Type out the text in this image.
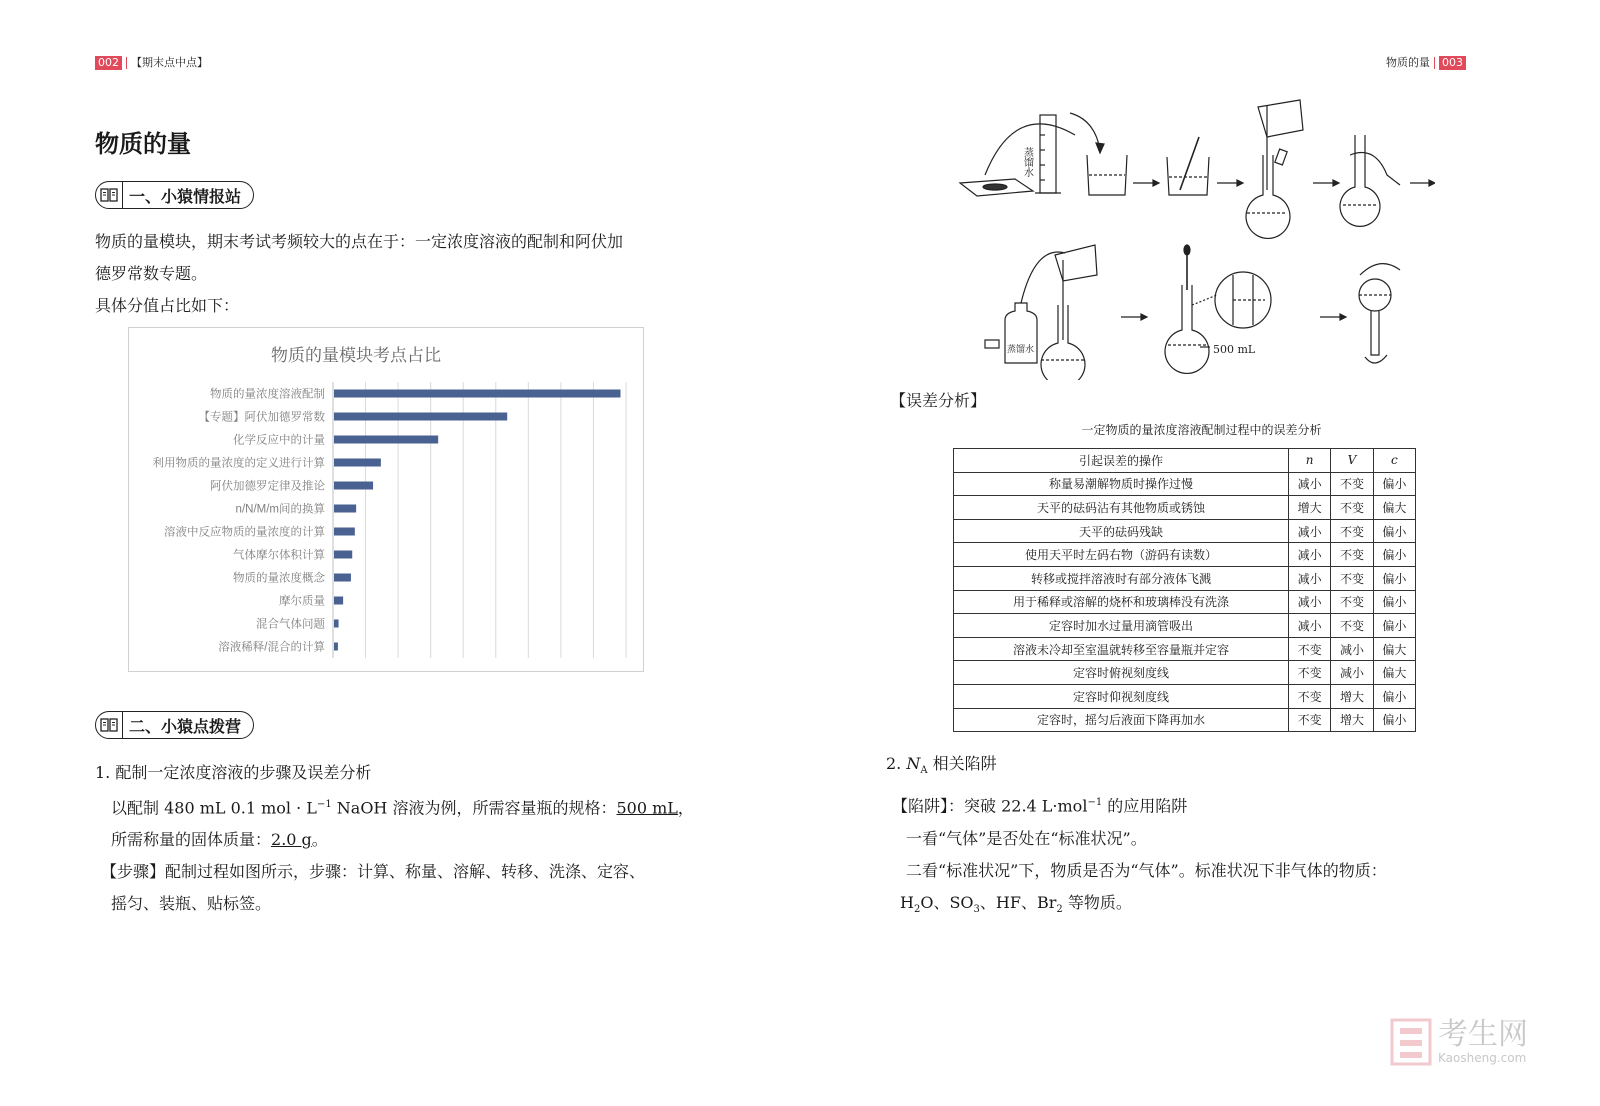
002 【期末点中点】
物质的量
一、小猿情报站
物质的量模块，期末考试考频较大的点在于：一定浓度溶液的配制和阿伏加
德罗常数专题。
具体分值占比如下：
物质的量模块考点占比
物质的量浓度溶液配制
【专题】阿伏加德罗常数
化学反应中的计量
利用物质的量浓度的定义进行计算
阿伏加德罗定律及推论
n/N/M/m间的换算
溶液中反应物质的量浓度的计算
气体摩尔体积计算
物质的量浓度概念
摩尔质量
混合气体问题
溶液稀释/混合的计算
二、小猿点拨营
1. 配制一定浓度溶液的步骤及误差分析
以配制 480 mL 0.1 mol · $L^{-1}$ NaOH 溶液为例，所需容量瓶的规格：500 mL，
所需称量的固体质量：2.0 g。
【步骤】配制过程如图所示，步骤：计算、称量、溶解、转移、洗涤、定容、
摇匀、装瓶、贴标签。
物质的量 003
蒸馏水
蒸馏水	500 mL
【误差分析】
一定物质的量浓度溶液配制过程中的误差分析
引起误差的操作	n	V	c
称量易潮解物质时操作过慢	减小	不变	偏小
天平的砝码沾有其他物质或锈蚀	增大	不变	偏大
天平的砝码残缺	减小	不变	偏小
使用天平时左码右物（游码有读数）	减小	不变	偏小
转移或搅拌溶液时有部分液体飞溅	减小	不变	偏小
用于稀释或溶解的烧杯和玻璃棒没有洗涤	减小	不变	偏小
定容时加水过量用滴管吸出	减小	不变	偏小
溶液未冷却至室温就转移至容量瓶并定容	不变	减小	偏大
定容时俯视刻度线	不变	减小	偏大
定容时仰视刻度线	不变	增大	偏小
定容时，摇匀后液面下降再加水	不变	增大	偏小
2. $N_A$ 相关陷阱
【陷阱】：突破 22.4 L·mol$^{-1}$ 的应用陷阱
一看“气体”是否处在“标准状况”。
二看“标准状况”下，物质是否为“气体”。标准状况下非气体的物质：
$H_2O$、$SO_3$、HF、$Br_2$ 等物质。
考生网
Kaosheng.com
